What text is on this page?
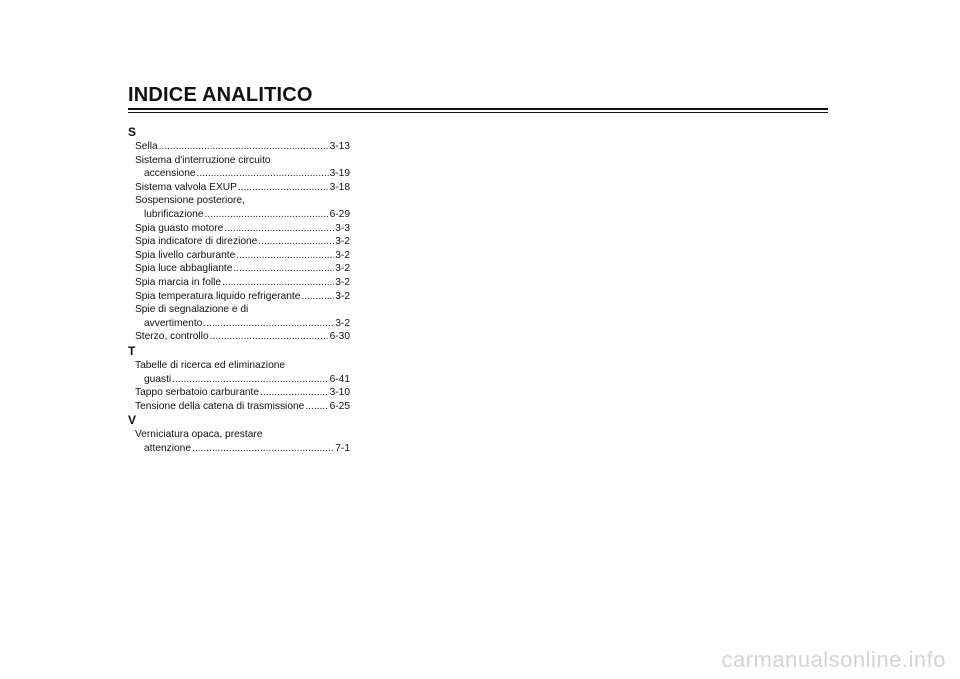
INDICE ANALITICO
S
Sella .....	3-13
Sistema d'interruzione circuito
accensione .....	3-19
Sistema valvola EXUP .....	3-18
Sospensione posteriore,
lubrificazione .....	6-29
Spia guasto motore .....	3-3
Spia indicatore di direzione .....	3-2
Spia livello carburante .....	3-2
Spia luce abbagliante .....	3-2
Spia marcia in folle .....	3-2
Spia temperatura liquido refrigerante .....	3-2
Spie di segnalazione e di
avvertimento .....	3-2
Sterzo, controllo .....	6-30
T
Tabelle di ricerca ed eliminazione
guasti .....	6-41
Tappo serbatoio carburante .....	3-10
Tensione della catena di trasmissione ..... 6-25
V
Verniciatura opaca, prestare
attenzione .....	7-1
carmanualsonline.info
